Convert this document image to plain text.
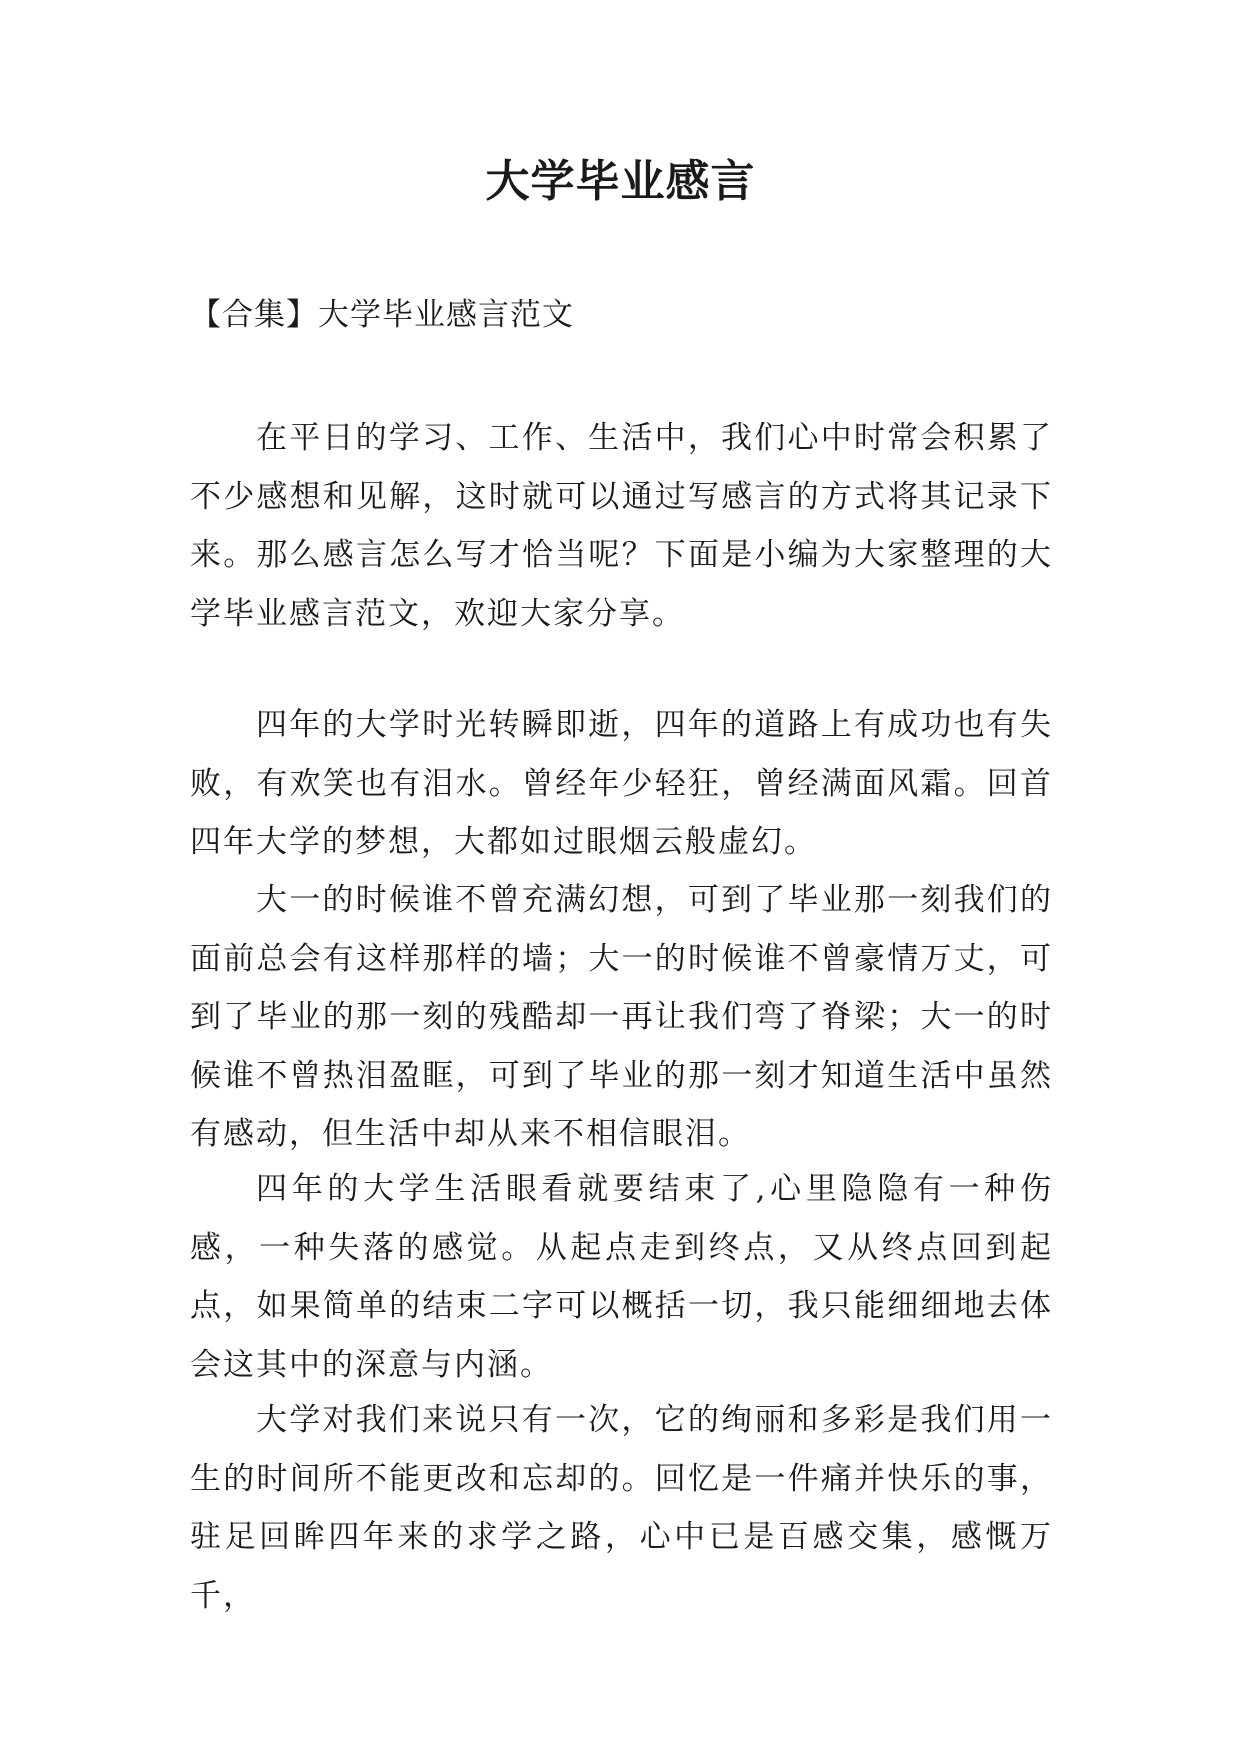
大学毕业感言

【合集】大学毕业感言范文

在平日的学习、工作、生活中，我们心中时常会积累了不少感想和见解，这时就可以通过写感言的方式将其记录下来。那么感言怎么写才恰当呢？下面是小编为大家整理的大学毕业感言范文，欢迎大家分享。

四年的大学时光转瞬即逝，四年的道路上有成功也有失败，有欢笑也有泪水。曾经年少轻狂，曾经满面风霜。回首四年大学的梦想，大都如过眼烟云般虚幻。

大一的时候谁不曾充满幻想，可到了毕业那一刻我们的面前总会有这样那样的墙；大一的时候谁不曾豪情万丈，可到了毕业的那一刻的残酷却一再让我们弯了脊梁；大一的时候谁不曾热泪盈眶，可到了毕业的那一刻才知道生活中虽然有感动，但生活中却从来不相信眼泪。

四年的大学生活眼看就要结束了,心里隐隐有一种伤感，一种失落的感觉。从起点走到终点，又从终点回到起点，如果简单的结束二字可以概括一切，我只能细细地去体会这其中的深意与内涵。

大学对我们来说只有一次，它的绚丽和多彩是我们用一生的时间所不能更改和忘却的。回忆是一件痛并快乐的事，驻足回眸四年来的求学之路，心中已是百感交集，感慨万千，
